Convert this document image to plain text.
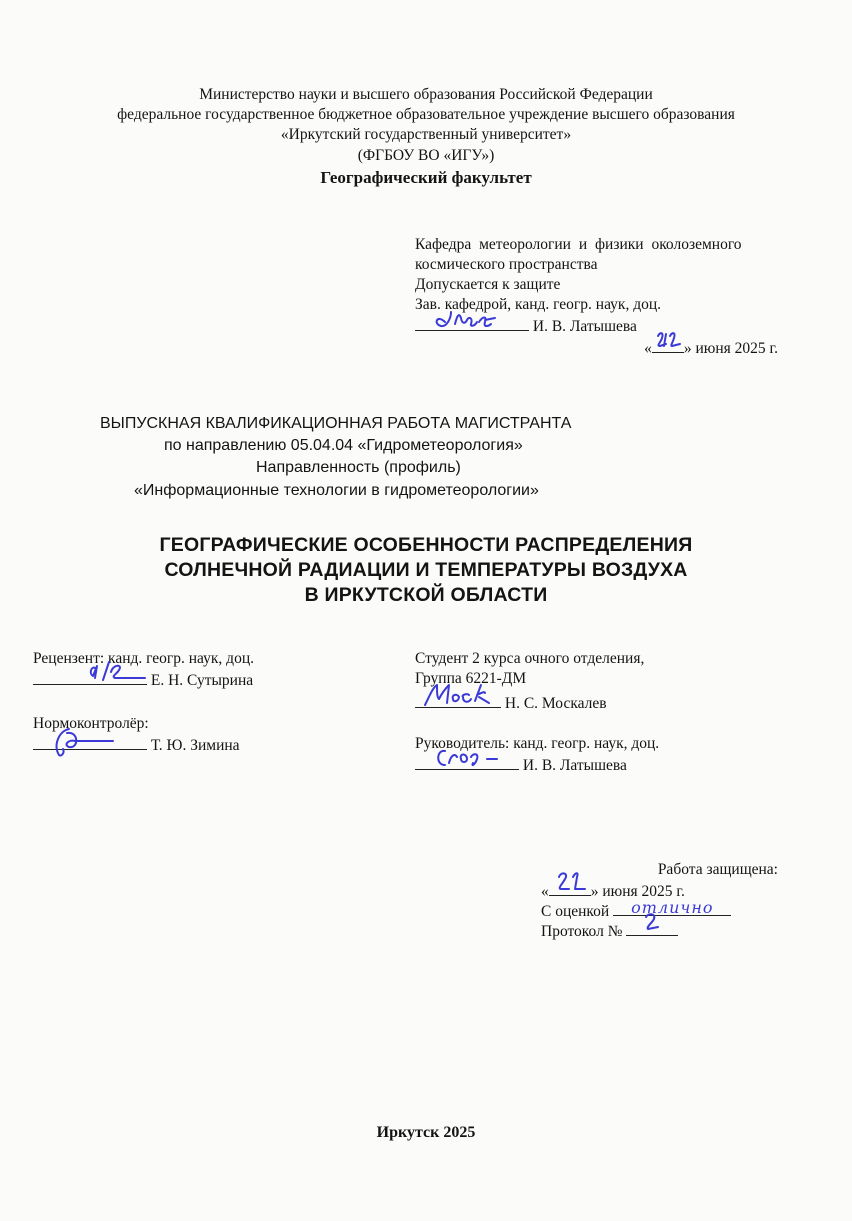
Министерство науки и высшего образования Российской Федерации
федеральное государственное бюджетное образовательное учреждение высшего образования
«Иркутский государственный университет»
(ФГБОУ ВО «ИГУ»)
Географический факультет
Кафедра метеорологии и физики околоземного
космического пространства
Допускается к защите
Зав. кафедрой, канд. геогр. наук, доц.
И. В. Латышева
« » июня 2025 г.
ВЫПУСКНАЯ КВАЛИФИКАЦИОННАЯ РАБОТА МАГИСТРАНТА
по направлению 05.04.04 «Гидрометеорология»
Направленность (профиль)
«Информационные технологии в гидрометеорологии»
ГЕОГРАФИЧЕСКИЕ ОСОБЕННОСТИ РАСПРЕДЕЛЕНИЯ
СОЛНЕЧНОЙ РАДИАЦИИ И ТЕМПЕРАТУРЫ ВОЗДУХА
В ИРКУТСКОЙ ОБЛАСТИ
Рецензент: канд. геогр. наук, доц.
Е. Н. Сутырина
Нормоконтролёр:
Т. Ю. Зимина
Студент 2 курса очного отделения,
Группа 6221-ДМ
Н. С. Москалев
Руководитель: канд. геогр. наук, доц.
И. В. Латышева
Работа защищена:
«	» июня 2025 г.
С оценкой отлично
Протокол №
Иркутск 2025
